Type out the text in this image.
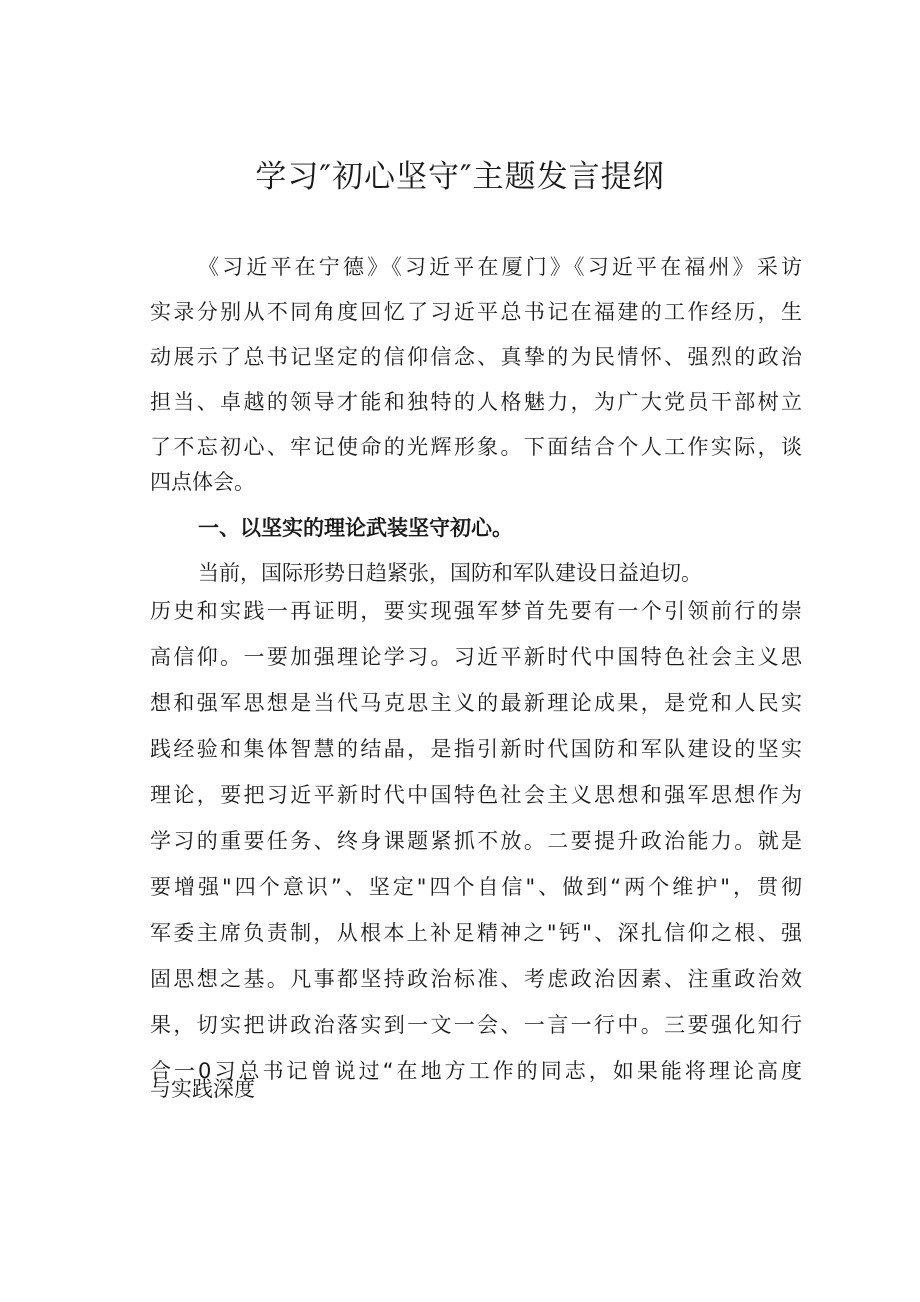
学习″初心坚守″主题发言提纲

《习近平在宁德》《习近平在厦门》《习近平在福州》采访

实录分别从不同角度回忆了习近平总书记在福建的工作经历，生

动展示了总书记坚定的信仰信念、真挚的为民情怀、强烈的政治

担当、卓越的领导才能和独特的人格魅力，为广大党员干部树立

了不忘初心、牢记使命的光辉形象。下面结合个人工作实际，谈

四点体会。

一、以坚实的理论武装坚守初心。

当前，国际形势日趋紧张，国防和军队建设日益迫切。

历史和实践一再证明，要实现强军梦首先要有一个引领前行的崇

高信仰。一要加强理论学习。习近平新时代中国特色社会主义思

想和强军思想是当代马克思主义的最新理论成果，是党和人民实

践经验和集体智慧的结晶，是指引新时代国防和军队建设的坚实

理论，要把习近平新时代中国特色社会主义思想和强军思想作为

学习的重要任务、终身课题紧抓不放。二要提升政治能力。就是

要增强"四个意识”、坚定"四个自信"、做到“两个维护"，贯彻

军委主席负责制，从根本上补足精神之"钙"、深扎信仰之根、强

固思想之基。凡事都坚持政治标准、考虑政治因素、注重政治效

果，切实把讲政治落实到一文一会、一言一行中。三要强化知行

合一0习总书记曾说过“在地方工作的同志，如果能将理论高度

与实践深度
